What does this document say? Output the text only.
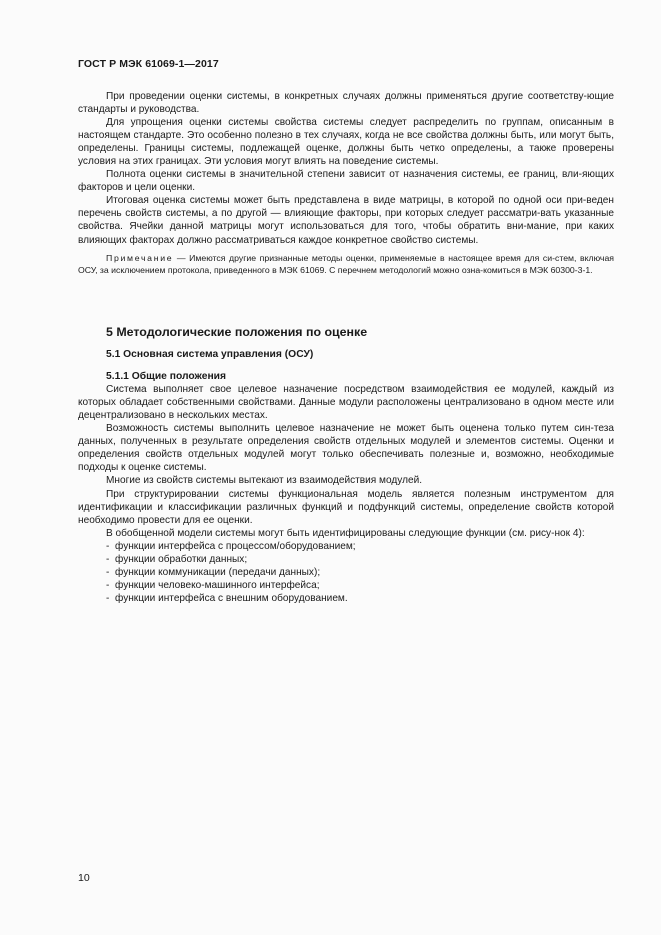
ГОСТ Р МЭК 61069-1—2017

При проведении оценки системы, в конкретных случаях должны применяться другие соответству-ющие стандарты и руководства.

Для упрощения оценки системы свойства системы следует распределить по группам, описанным в настоящем стандарте. Это особенно полезно в тех случаях, когда не все свойства должны быть, или могут быть, определены. Границы системы, подлежащей оценке, должны быть четко определены, а также проверены условия на этих границах. Эти условия могут влиять на поведение системы.

Полнота оценки системы в значительной степени зависит от назначения системы, ее границ, вли-яющих факторов и цели оценки.

Итоговая оценка системы может быть представлена в виде матрицы, в которой по одной оси при-веден перечень свойств системы, а по другой — влияющие факторы, при которых следует рассматри-вать указанные свойства. Ячейки данной матрицы могут использоваться для того, чтобы обратить вни-мание, при каких влияющих факторах должно рассматриваться каждое конкретное свойство системы.

Примечание — Имеются другие признанные методы оценки, применяемые в настоящее время для си-стем, включая ОСУ, за исключением протокола, приведенного в МЭК 61069. С перечнем методологий можно озна-комиться в МЭК 60300-3-1.

5 Методологические положения по оценке
5.1 Основная система управления (ОСУ)
5.1.1 Общие положения

Система выполняет свое целевое назначение посредством взаимодействия ее модулей, каждый из которых обладает собственными свойствами. Данные модули расположены централизовано в одном месте или децентрализовано в нескольких местах.

Возможность системы выполнить целевое назначение не может быть оценена только путем син-теза данных, полученных в результате определения свойств отдельных модулей и элементов системы. Оценки и определения свойств отдельных модулей могут только обеспечивать полезные и, возможно, необходимые подходы к оценке системы.

Многие из свойств системы вытекают из взаимодействия модулей.

При структурировании системы функциональная модель является полезным инструментом для идентификации и классификации различных функций и подфункций системы, определение свойств которой необходимо провести для ее оценки.

В обобщенной модели системы могут быть идентифицированы следующие функции (см. рису-нок 4):

- функции интерфейса с процессом/оборудованием;
- функции обработки данных;
- функции коммуникации (передачи данных);
- функции человеко-машинного интерфейса;
- функции интерфейса с внешним оборудованием.
10
